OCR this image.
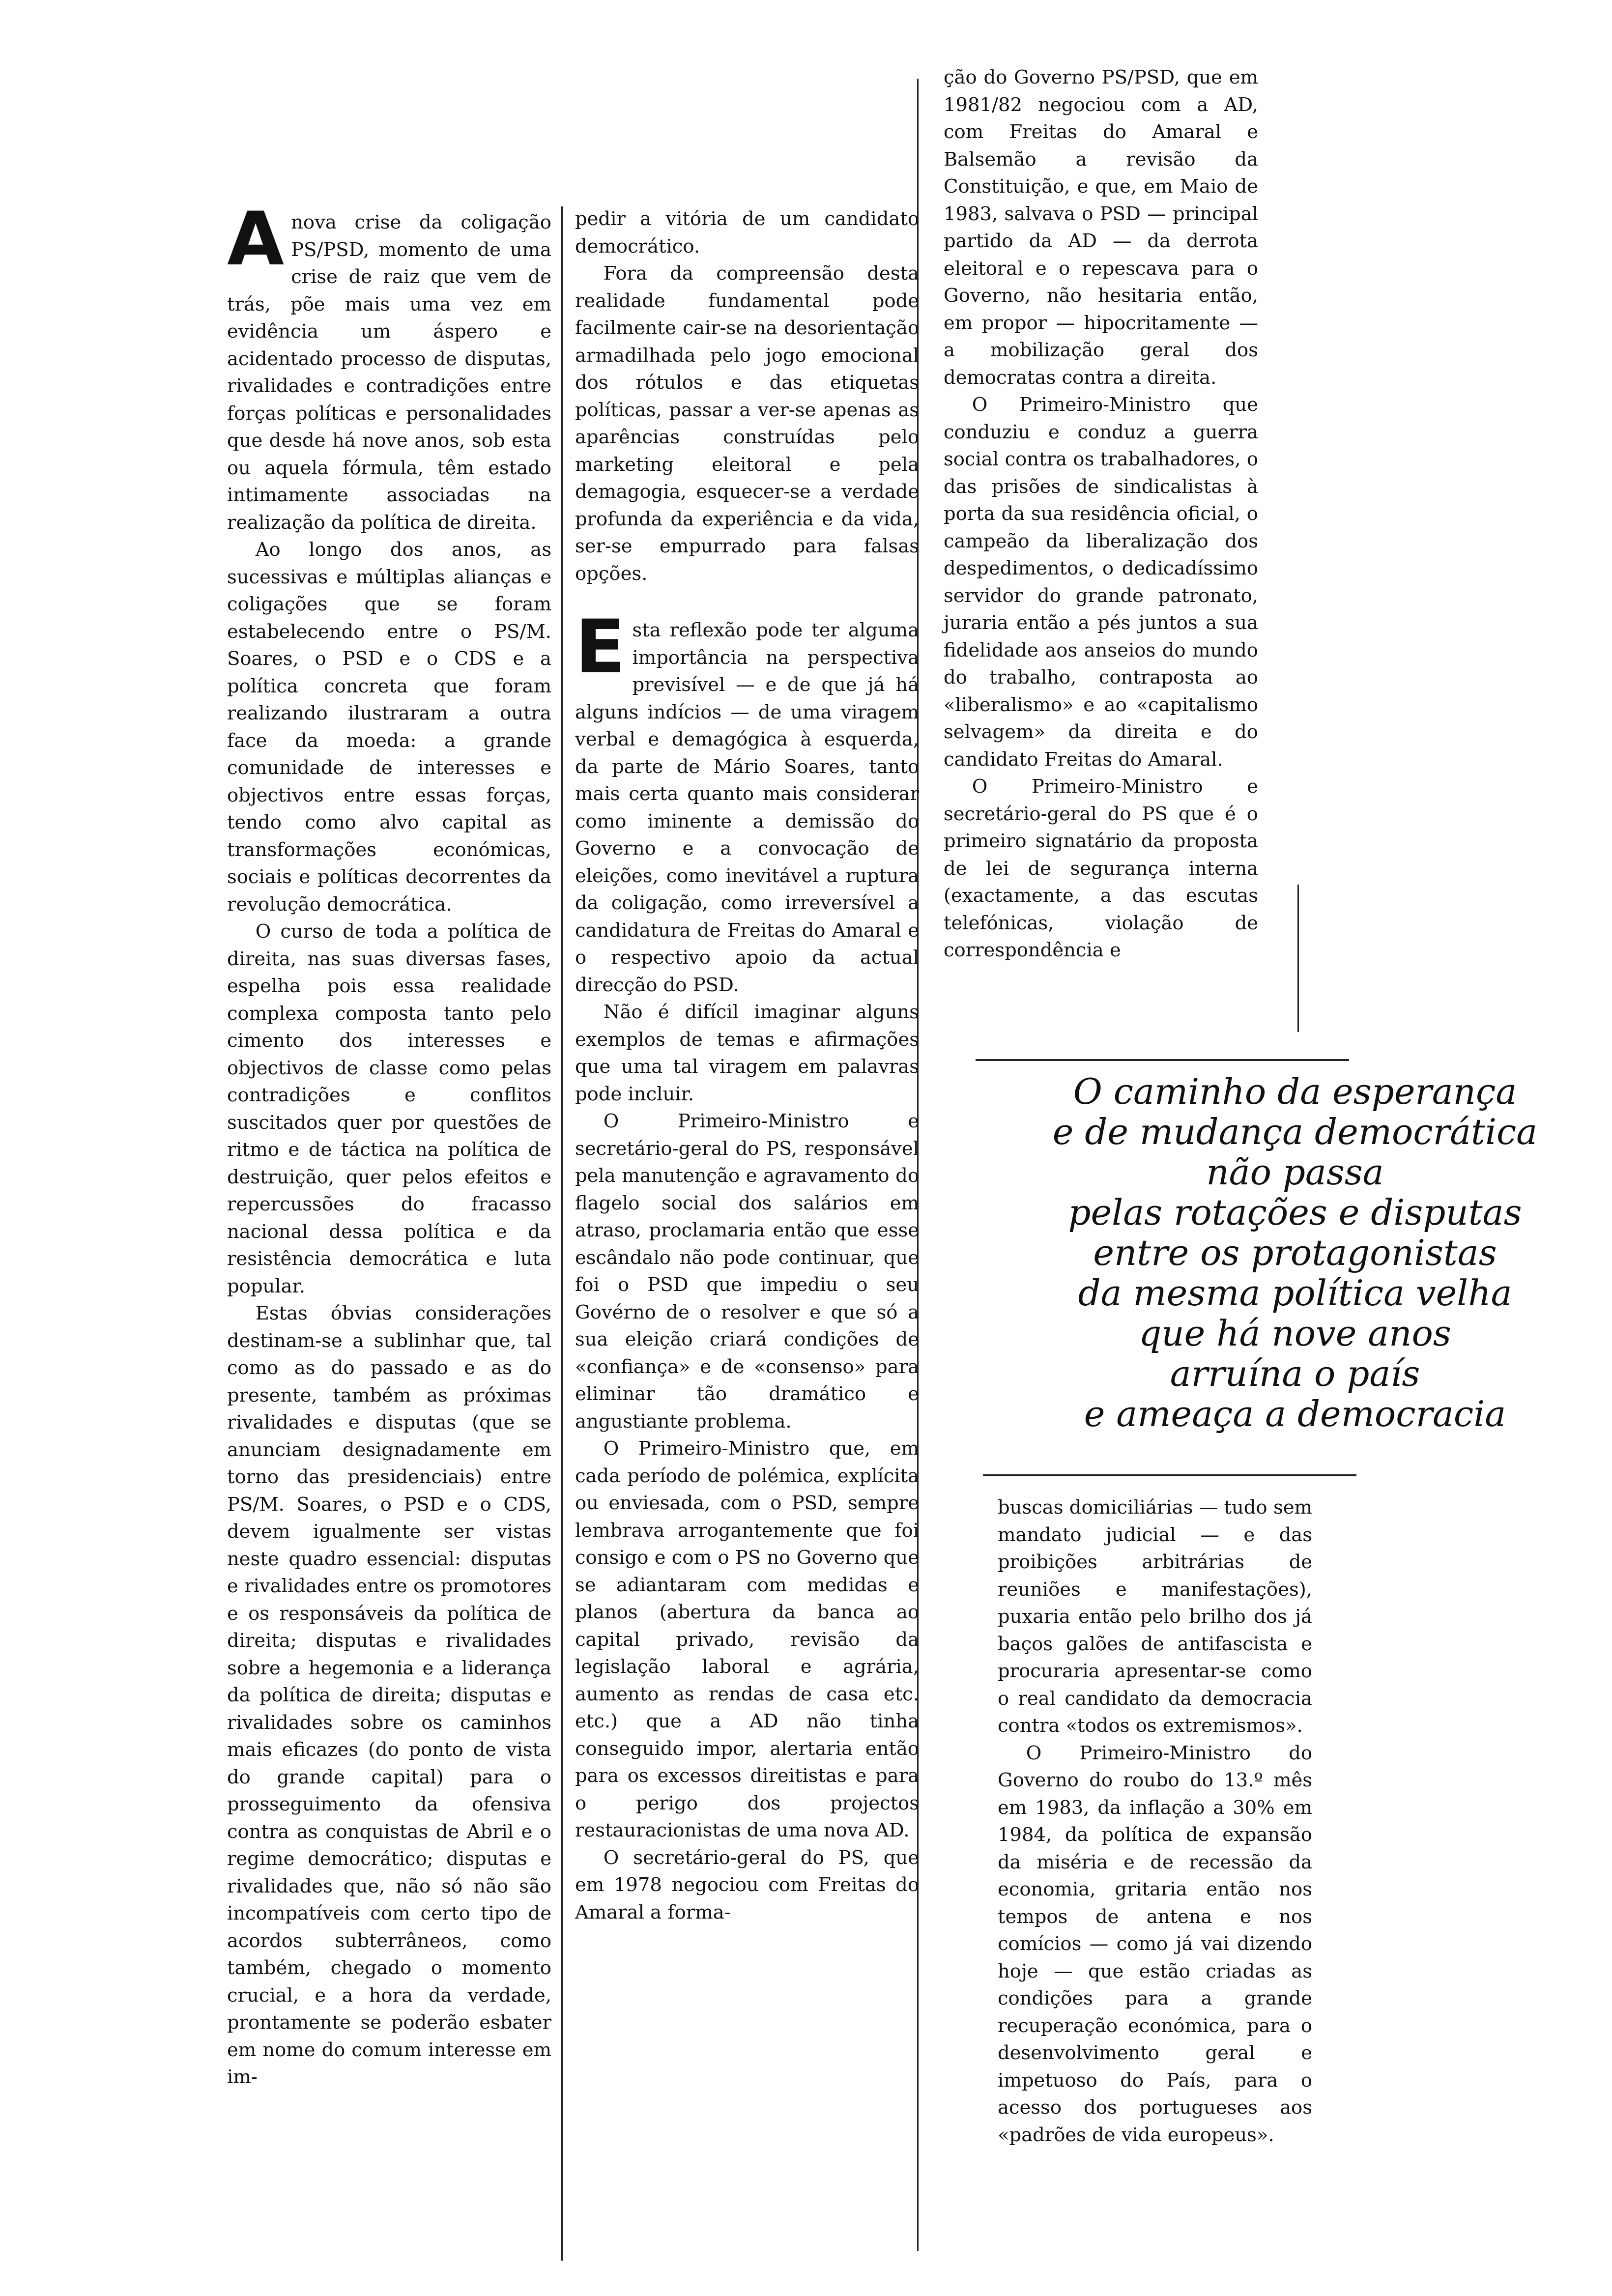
Anova crise da coligação PS/PSD, momento de uma crise de raiz que vem de trás, põe mais uma vez em evidência um áspero e acidentado processo de disputas, rivalidades e contradições entre forças políticas e personalidades que desde há nove anos, sob esta ou aquela fórmula, têm estado intimamente associadas na realização da política de direita.

Ao longo dos anos, as sucessivas e múltiplas alianças e coligações que se foram estabelecendo entre o PS/M. Soares, o PSD e o CDS e a política concreta que foram realizando ilustraram a outra face da moeda: a grande comunidade de interesses e objectivos entre essas forças, tendo como alvo capital as transformações económicas, sociais e políticas decorrentes da revolução democrática.

O curso de toda a política de direita, nas suas diversas fases, espelha pois essa realidade complexa composta tanto pelo cimento dos interesses e objectivos de classe como pelas contradições e conflitos suscitados quer por questões de ritmo e de táctica na política de destruição, quer pelos efeitos e repercussões do fracasso nacional dessa política e da resistência democrática e luta popular.

Estas óbvias considerações destinam-se a sublinhar que, tal como as do passado e as do presente, também as próximas rivalidades e disputas (que se anunciam designadamente em torno das presidenciais) entre PS/M. Soares, o PSD e o CDS, devem igualmente ser vistas neste quadro essencial: disputas e rivalidades entre os promotores e os responsáveis da política de direita; disputas e rivalidades sobre a hegemonia e a liderança da política de direita; disputas e rivalidades sobre os caminhos mais eficazes (do ponto de vista do grande capital) para o prosseguimento da ofensiva contra as conquistas de Abril e o regime democrático; disputas e rivalidades que, não só não são incompatíveis com certo tipo de acordos subterrâneos, como também, chegado o momento crucial, e a hora da verdade, prontamente se poderão esbater em nome do comum interesse em im-

pedir a vitória de um candidato democrático.

Fora da compreensão desta realidade fundamental pode facilmente cair-se na desorientação armadilhada pelo jogo emocional dos rótulos e das etiquetas políticas, passar a ver-se apenas as aparências construídas pelo marketing eleitoral e pela demagogia, esquecer-se a verdade profunda da experiência e da vida, ser-se empurrado para falsas opções.

Esta reflexão pode ter alguma importância na perspectiva previsível — e de que já há alguns indícios — de uma viragem verbal e demagógica à esquerda, da parte de Mário Soares, tanto mais certa quanto mais considerar como iminente a demissão do Governo e a convocação de eleições, como inevitável a ruptura da coligação, como irreversível a candidatura de Freitas do Amaral e o respectivo apoio da actual direcção do PSD.

Não é difícil imaginar alguns exemplos de temas e afirmações que uma tal viragem em palavras pode incluir.

O Primeiro-Ministro e secretário-geral do PS, responsável pela manutenção e agravamento do flagelo social dos salários em atraso, proclamaria então que esse escândalo não pode continuar, que foi o PSD que impediu o seu Govérno de o resolver e que só a sua eleição criará condições de «confiança» e de «consenso» para eliminar tão dramático e angustiante problema.

O Primeiro-Ministro que, em cada período de polémica, explícita ou enviesada, com o PSD, sempre lembrava arrogantemente que foi consigo e com o PS no Governo que se adiantaram com medidas e planos (abertura da banca ao capital privado, revisão da legislação laboral e agrária, aumento as rendas de casa etc. etc.) que a AD não tinha conseguido impor, alertaria então para os excessos direitistas e para o perigo dos projectos restauracionistas de uma nova AD.

O secretário-geral do PS, que em 1978 negociou com Freitas do Amaral a forma-

ção do Governo PS/PSD, que em 1981/82 negociou com a AD, com Freitas do Amaral e Balsemão a revisão da Constituição, e que, em Maio de 1983, salvava o PSD — principal partido da AD — da derrota eleitoral e o repescava para o Governo, não hesitaria então, em propor — hipocritamente — a mobilização geral dos democratas contra a direita.

O Primeiro-Ministro que conduziu e conduz a guerra social contra os trabalhadores, o das prisões de sindicalistas à porta da sua residência oficial, o campeão da liberalização dos despedimentos, o dedicadíssimo servidor do grande patronato, juraria então a pés juntos a sua fidelidade aos anseios do mundo do trabalho, contraposta ao «liberalismo» e ao «capitalismo selvagem» da direita e do candidato Freitas do Amaral.

O Primeiro-Ministro e secretário-geral do PS que é o primeiro signatário da proposta de lei de segurança interna (exactamente, a das escutas telefónicas, violação de correspondência e

O caminho da esperança
e de mudança democrática
não passa
pelas rotações e disputas
entre os protagonistas
da mesma política velha
que há nove anos
arruína o país
e ameaça a democracia

buscas domiciliárias — tudo sem mandato judicial — e das proibições arbitrárias de reuniões e manifestações), puxaria então pelo brilho dos já baços galões de antifascista e procuraria apresentar-se como o real candidato da democracia contra «todos os extremismos».

O Primeiro-Ministro do Governo do roubo do 13.º mês em 1983, da inflação a 30% em 1984, da política de expansão da miséria e de recessão da economia, gritaria então nos tempos de antena e nos comícios — como já vai dizendo hoje — que estão criadas as condições para a grande recuperação económica, para o desenvolvimento geral e impetuoso do País, para o acesso dos portugueses aos «padrões de vida europeus».
